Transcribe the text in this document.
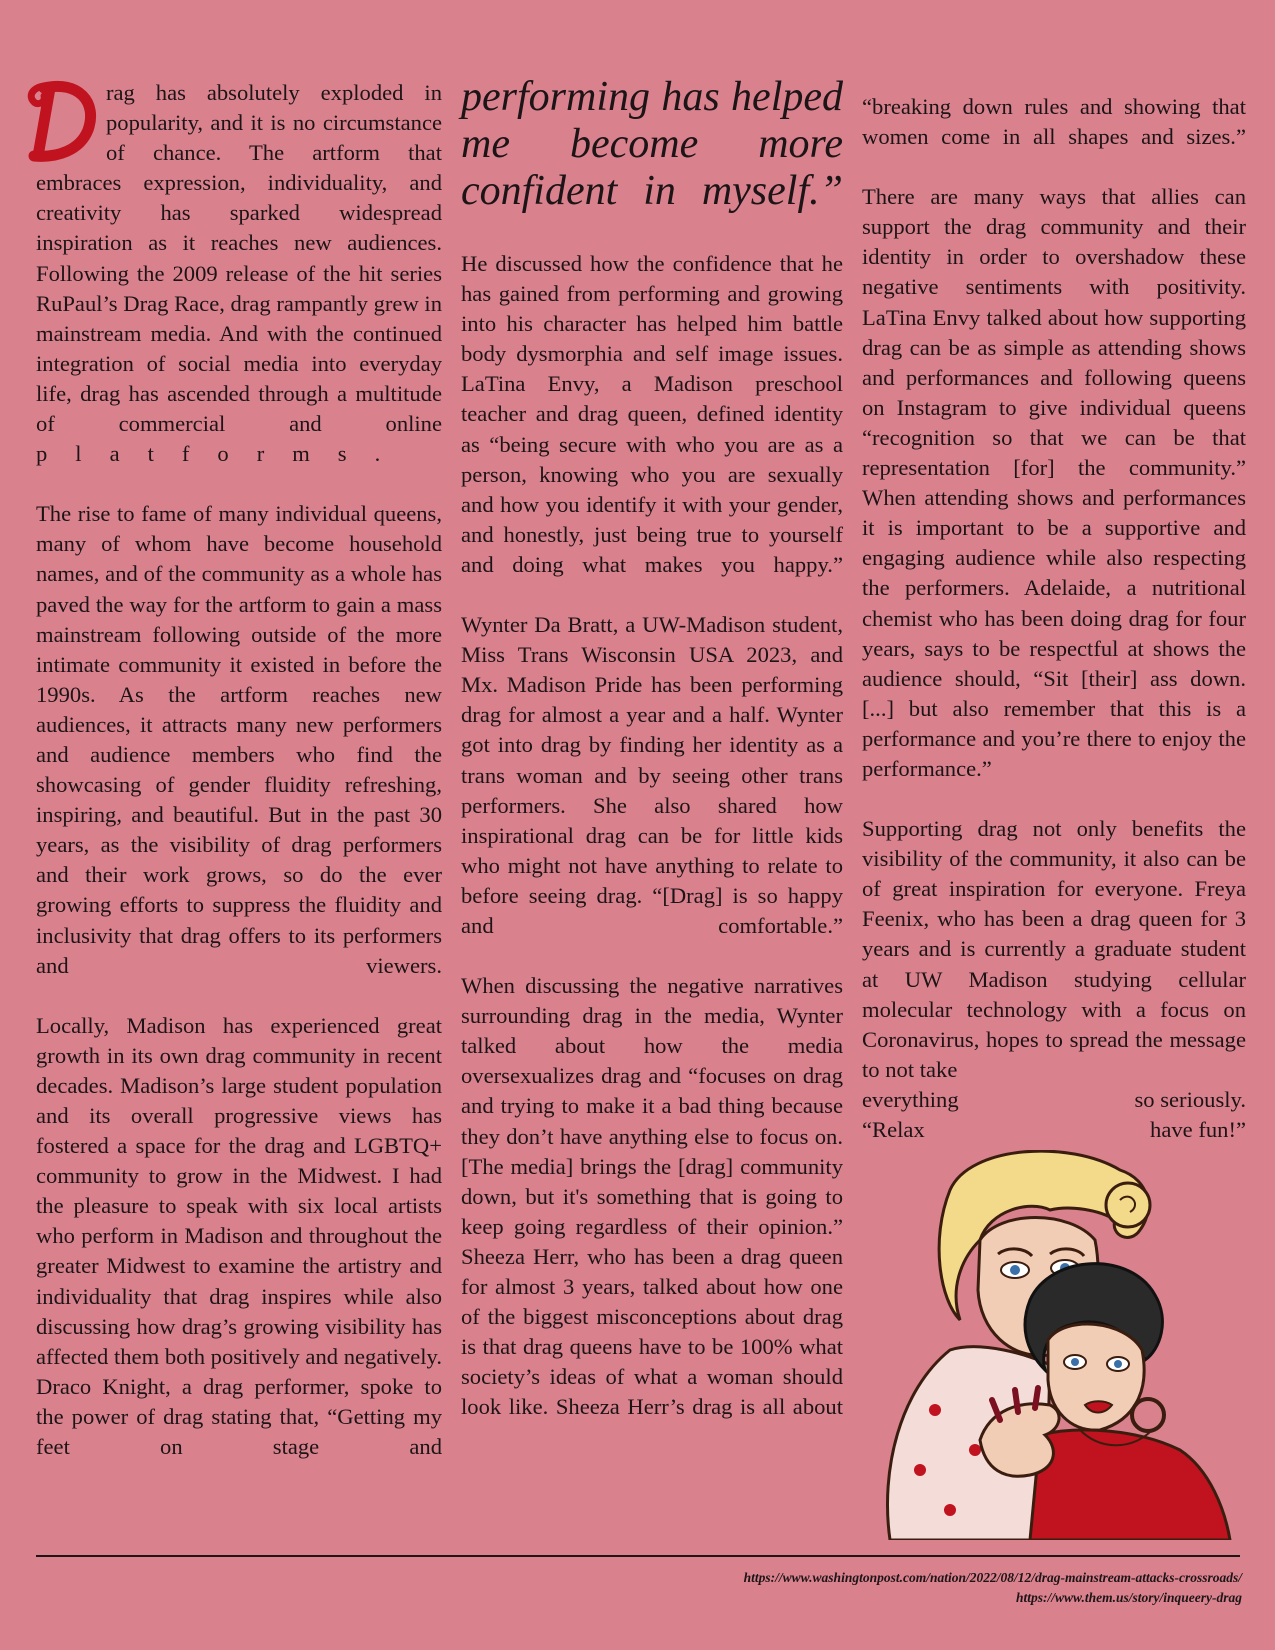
rag has absolutely exploded in popularity, and it is no circumstance of chance. The artform that embraces expression, individuality, and creativity has sparked widespread inspiration as it reaches new audiences. Following the 2009 release of the hit series RuPaul’s Drag Race, drag rampantly grew in mainstream media. And with the continued integration of social media into everyday life, drag has ascended through a multitude of commercial and online
platforms.

The rise to fame of many individual queens, many of whom have become household names, and of the community as a whole has paved the way for the artform to gain a mass mainstream following outside of the more intimate community it existed in before the 1990s. As the artform reaches new audiences, it attracts many new performers and audience members who find the showcasing of gender fluidity refreshing, inspiring, and beautiful. But in the past 30 years, as the visibility of drag performers and their work grows, so do the ever growing efforts to suppress the fluidity and inclusivity that drag offers to its performers and viewers.

Locally, Madison has experienced great growth in its own drag community in recent decades. Madison’s large student population and its overall progressive views has fostered a space for the drag and LGBTQ+ community to grow in the Midwest. I had the pleasure to speak with six local artists who perform in Madison and throughout the greater Midwest to examine the artistry and individuality that drag inspires while also discussing how drag’s growing visibility has affected them both positively and negatively. Draco Knight, a drag performer, spoke to the power of drag stating that, “Getting my feet on stage and

performing has helped me become more confident in myself.”

He discussed how the confidence that he has gained from performing and growing into his character has helped him battle body dysmorphia and self image issues. LaTina Envy, a Madison preschool teacher and drag queen, defined identity as “being secure with who you are as a person, knowing who you are sexually and how you identify it with your gender, and honestly, just being true to yourself and doing what makes you happy.”

Wynter Da Bratt, a UW-Madison student, Miss Trans Wisconsin USA 2023, and Mx. Madison Pride has been performing drag for almost a year and a half. Wynter got into drag by finding her identity as a trans woman and by seeing other trans performers. She also shared how inspirational drag can be for little kids who might not have anything to relate to before seeing drag. “[Drag] is so happy and comfortable.”

When discussing the negative narratives surrounding drag in the media, Wynter talked about how the media oversexualizes drag and “focuses on drag and trying to make it a bad thing because they don’t have anything else to focus on. [The media] brings the [drag] community down, but it's something that is going to keep going regardless of their opinion.” Sheeza Herr, who has been a drag queen for almost 3 years, talked about how one of the biggest misconceptions about drag is that drag queens have to be 100% what society’s ideas of what a woman should look like. Sheeza Herr’s drag is all about

“breaking down rules and showing that women come in all shapes and sizes.”

There are many ways that allies can support the drag community and their identity in order to overshadow these negative sentiments with positivity. LaTina Envy talked about how supporting drag can be as simple as attending shows and performances and following queens on Instagram to give individual queens “recognition so that we can be that representation [for] the community.” When attending shows and performances it is important to be a supportive and engaging audience while also respecting the performers. Adelaide, a nutritional chemist who has been doing drag for four years, says to be respectful at shows the audience should, “Sit [their] ass down. [...] but also remember that this is a performance and you’re there to enjoy the performance.”

Supporting drag not only benefits the visibility of the community, it also can be of great inspiration for everyone. Freya Feenix, who has been a drag queen for 3 years and is currently a graduate student at UW Madison studying cellular molecular technology with a focus on Coronavirus, hopes to spread the message to not take

everything	so seriously.
“Relax	have fun!”
https://www.washingtonpost.com/nation/2022/08/12/drag-mainstream-attacks-crossroads/
https://www.them.us/story/inqueery-drag
